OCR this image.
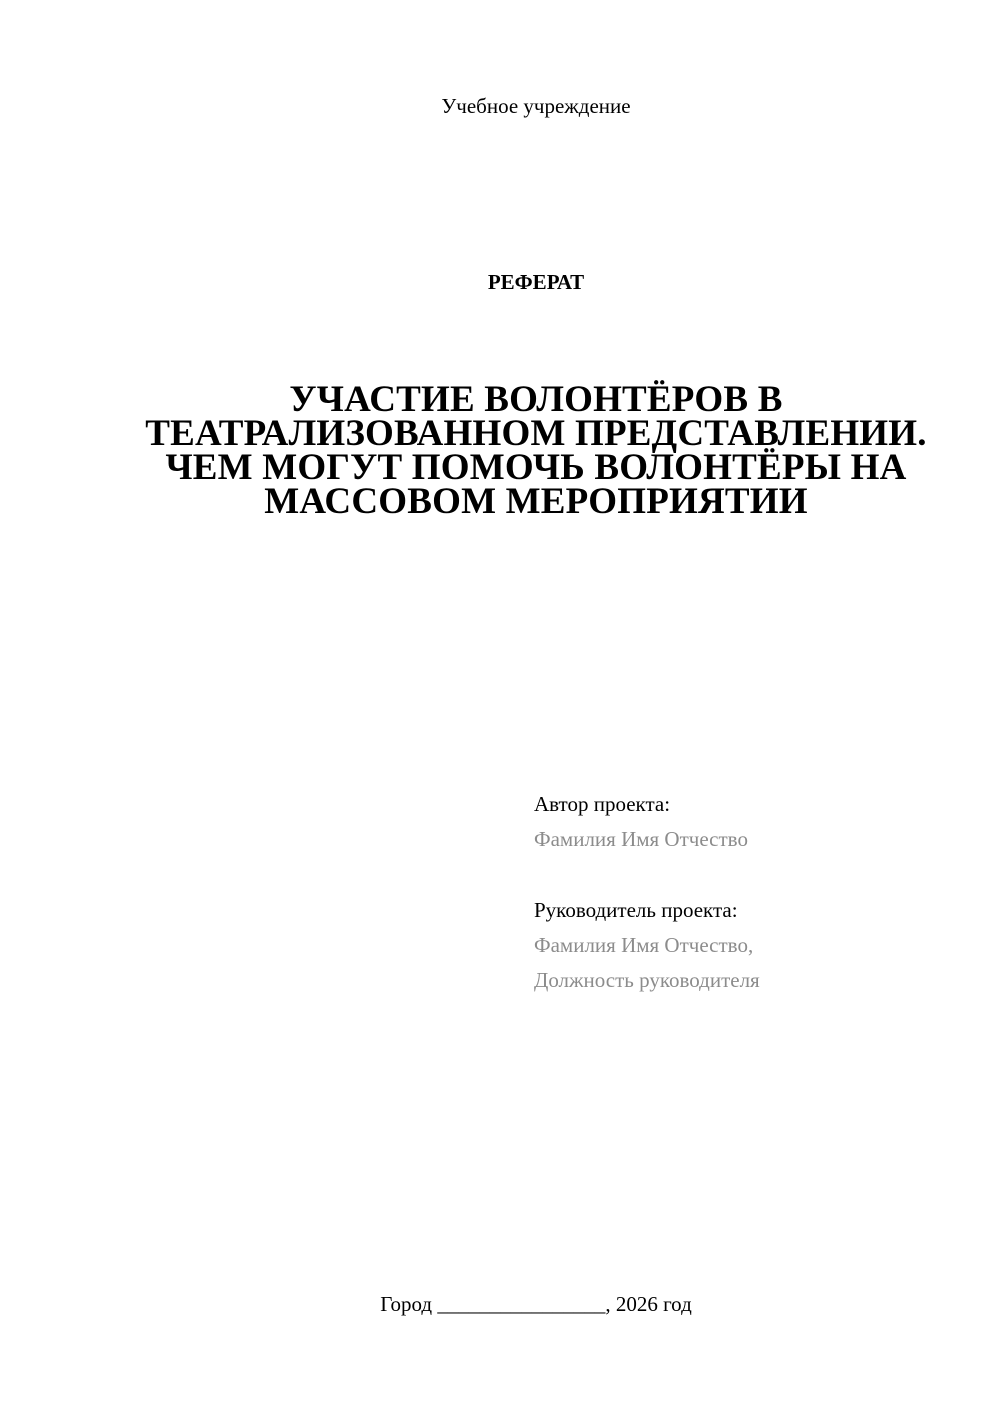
Учебное учреждение
РЕФЕРАТ
УЧАСТИЕ ВОЛОНТЁРОВ В ТЕАТРАЛИЗОВАННОМ ПРЕДСТАВЛЕНИИ. ЧЕМ МОГУТ ПОМОЧЬ ВОЛОНТЁРЫ НА МАССОВОМ МЕРОПРИЯТИИ
Автор проекта:
Фамилия Имя Отчество
Руководитель проекта:
Фамилия Имя Отчество,
Должность руководителя
Город ________________, 2026 год
